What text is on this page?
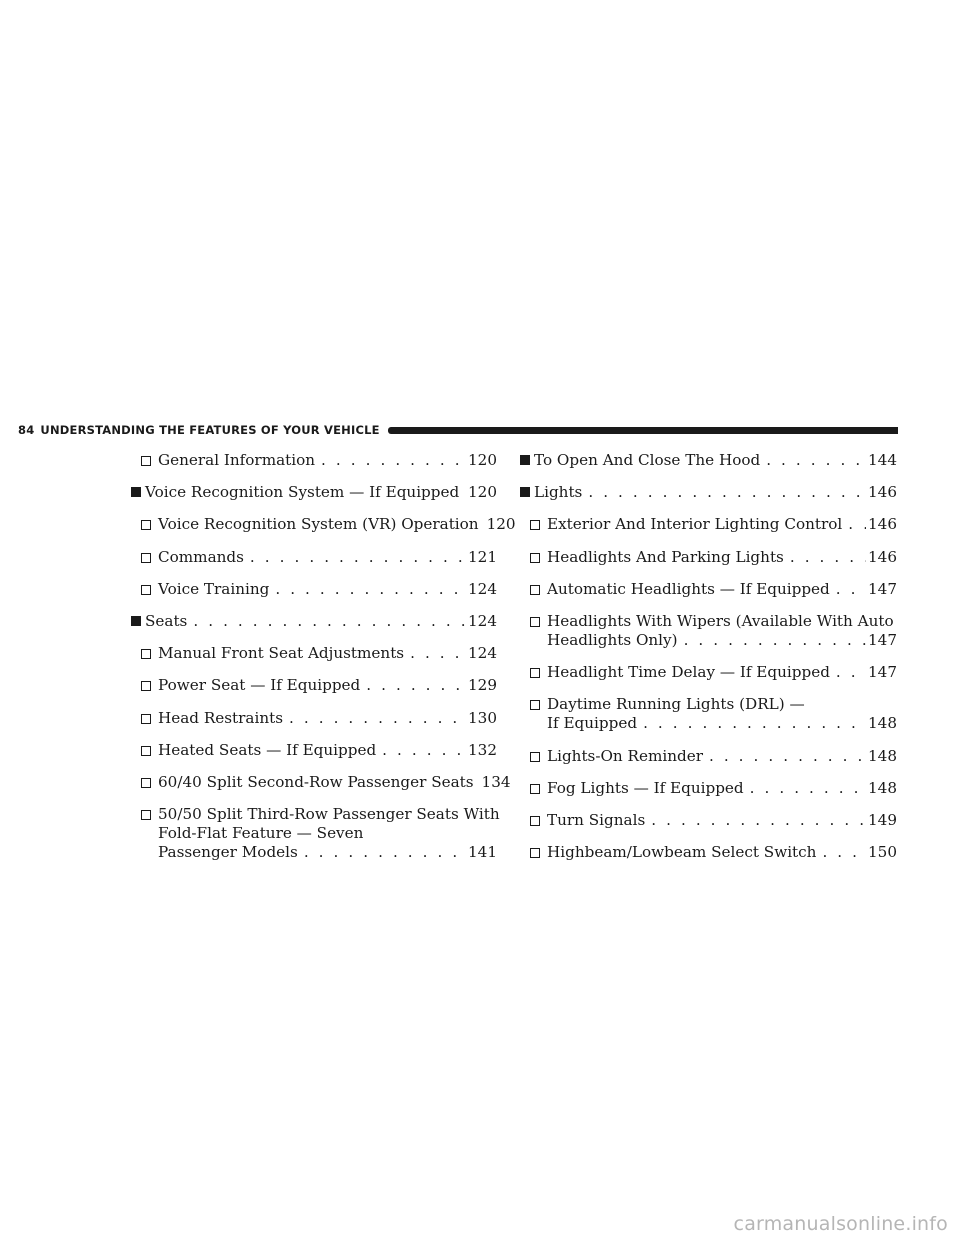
84 UNDERSTANDING THE FEATURES OF YOUR VEHICLE
General Information . . .	120
Voice Recognition System — If Equipped . . . 120
Voice Recognition System (VR) Operation 120
Commands . . .	121
Voice Training . . .	124
Seats . . .	124
Manual Front Seat Adjustments . . .	124
Power Seat — If Equipped . . .	129
Head Restraints . . .	130
Heated Seats — If Equipped . . .	132
60/40 Split Second-Row Passenger Seats 134
50/50 Split Third-Row Passenger Seats With
Fold-Flat Feature — Seven
Passenger Models . . .	141
To Open And Close The Hood . . .	144
Lights . . .	146
Exterior And Interior Lighting Control . . . 146
Headlights And Parking Lights . . .	146
Automatic Headlights — If Equipped . . .	147
Headlights With Wipers (Available With Auto
Headlights Only) . . .	147
Headlight Time Delay — If Equipped . . .	147
Daytime Running Lights (DRL) —
If Equipped . . .	148
Lights-On Reminder . . .	148
Fog Lights — If Equipped . . .	148
Turn Signals . . .	149
Highbeam/Lowbeam Select Switch . . .	150
carmanualsonline.info
